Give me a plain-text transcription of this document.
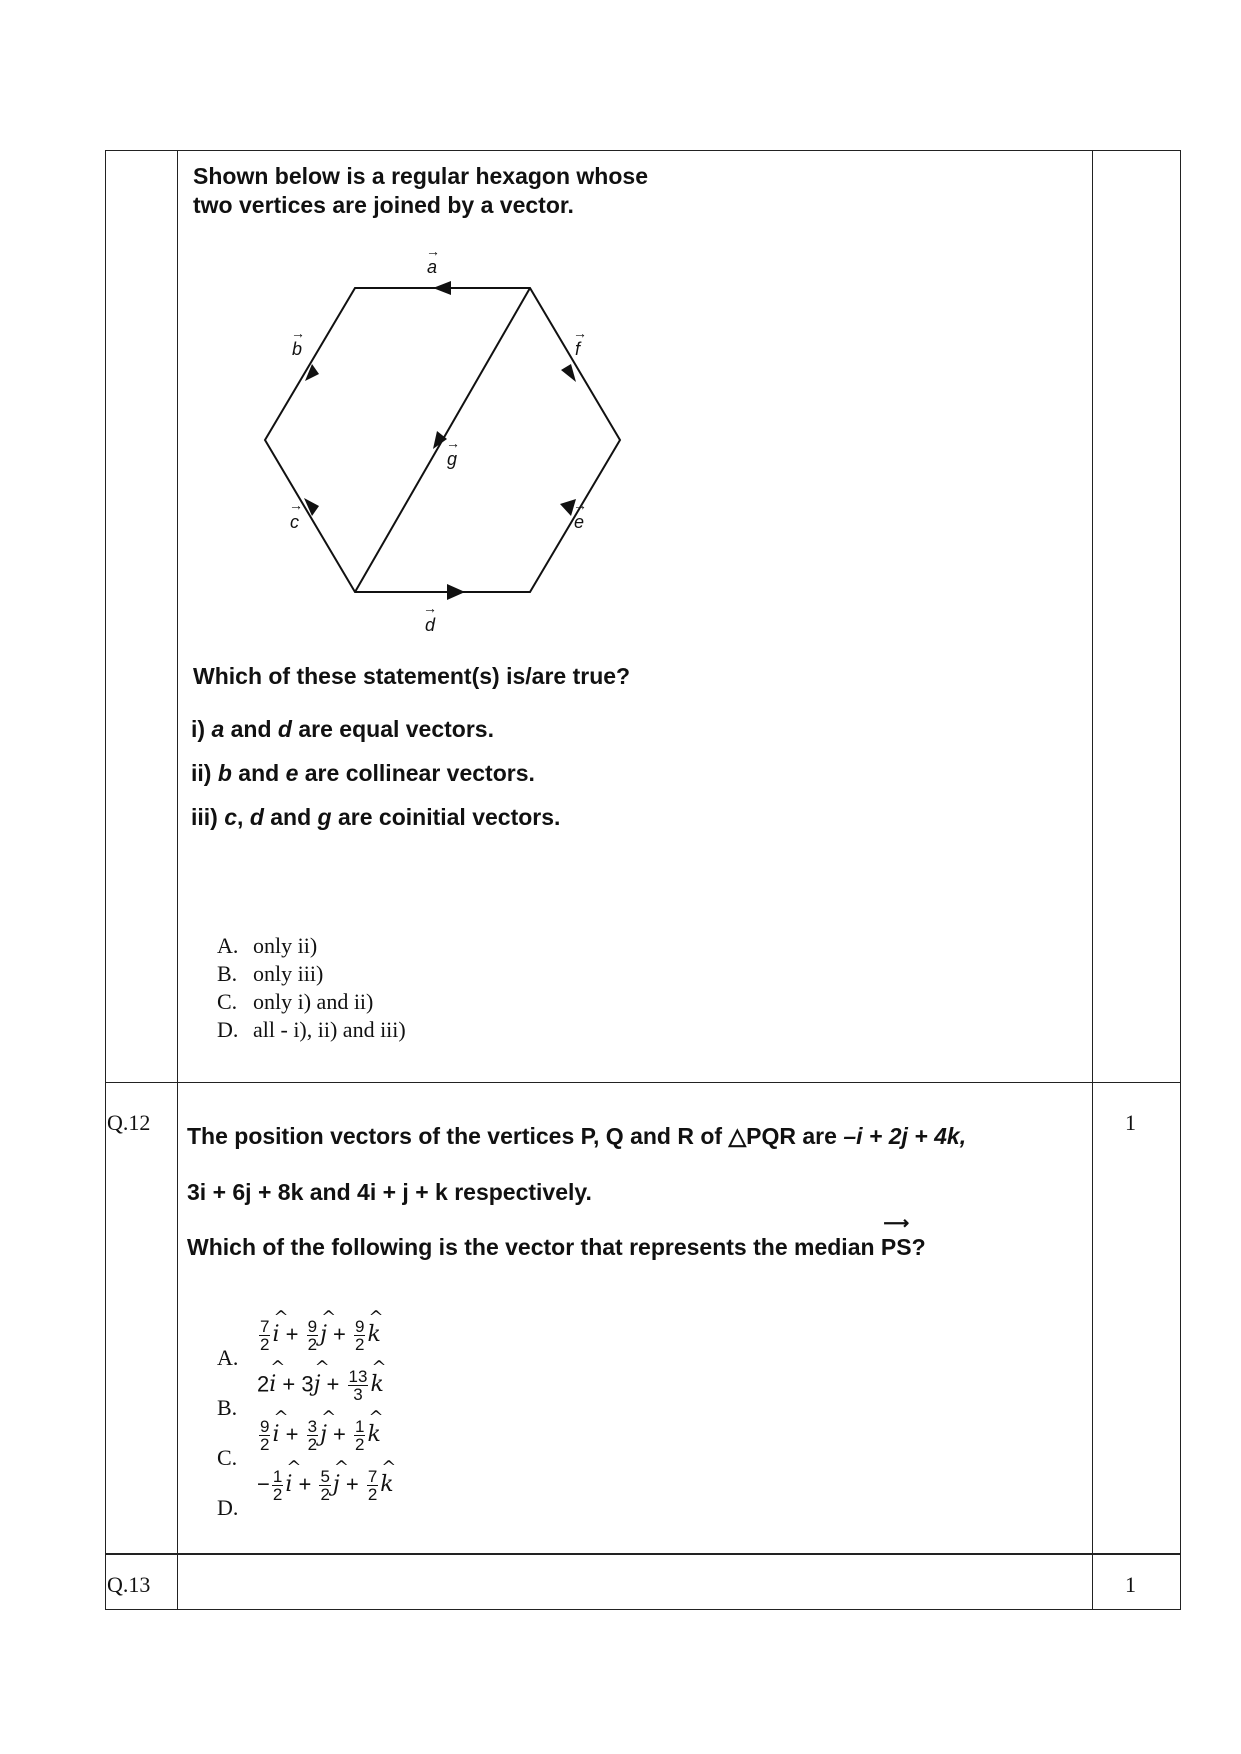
Shown below is a regular hexagon whose
two vertices are joined by a vector.
a
b
c
d
e
f
g
→
→
→
→
→
→
→
Which of these statement(s) is/are true?
i) a and d are equal vectors.
ii) b and e are collinear vectors.
iii) c, d and g are coinitial vectors.
A. only ii)
B. only iii)
C. only i) and ii)
D. all - i), ii) and iii)
Q.12	1
The position vectors of the vertices P, Q and R of △PQR are –i + 2j + 4k,
3i + 6j + 8k and 4i + j + k respectively.
Which of the following is the vector that represents the median
⟶
PS?
A.
$\frac{7}{2}$ ^ $i + \frac{9}{2}$ ^ $j + \frac{9}{2}$ ^ k
B.
2^ i + 3^ $j + \frac{13}{3}$ ^ k
C.
$\frac{9}{2}$ ^ $i + \frac{3}{2}$ ^ $j + \frac{1}{2}$ ^ k
D.
− $\frac{1}{2}$ ^ $i + \frac{5}{2}$ ^ $j + \frac{7}{2}$ ^ k
Q.13	1
